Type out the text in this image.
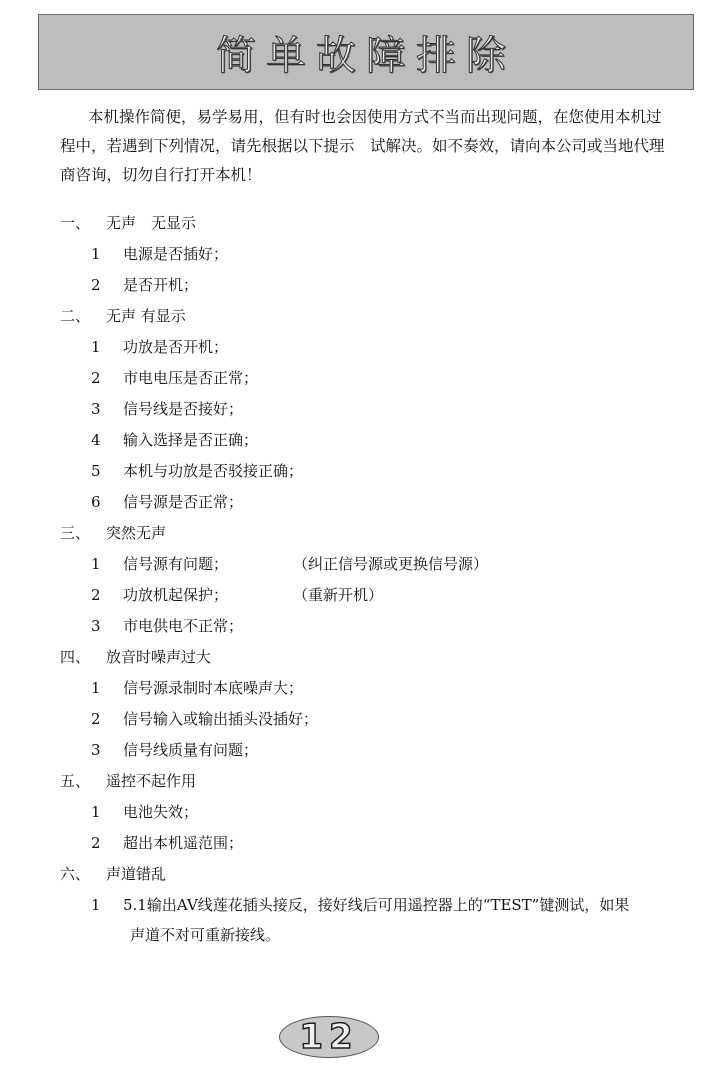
简单故障排除
本机操作简便，易学易用，但有时也会因使用方式不当而出现问题，在您使用本机过程中，若遇到下列情况，请先根据以下提示　试解决。如不奏效，请向本公司或当地代理商咨询，切勿自行打开本机！
一、 无声　无显示
1 电源是否插好；
2 是否开机；
二、 无声 有显示
1 功放是否开机；
2 市电电压是否正常；
3 信号线是否接好；
4 输入选择是否正确；
5 本机与功放是否驳接正确；
6 信号源是否正常；
三、 突然无声
1 信号源有问题；	（纠正信号源或更换信号源）
2 功放机起保护；	（重新开机）
3 市电供电不正常；
四、 放音时噪声过大
1 信号源录制时本底噪声大；
2 信号输入或输出插头没插好；
3 信号线质量有问题；
五、 遥控不起作用
1 电池失效；
2 超出本机遥范围；
六、 声道错乱
1 5.1输出AV线莲花插头接反，接好线后可用遥控器上的“TEST”键测试，如果
声道不对可重新接线。
12
